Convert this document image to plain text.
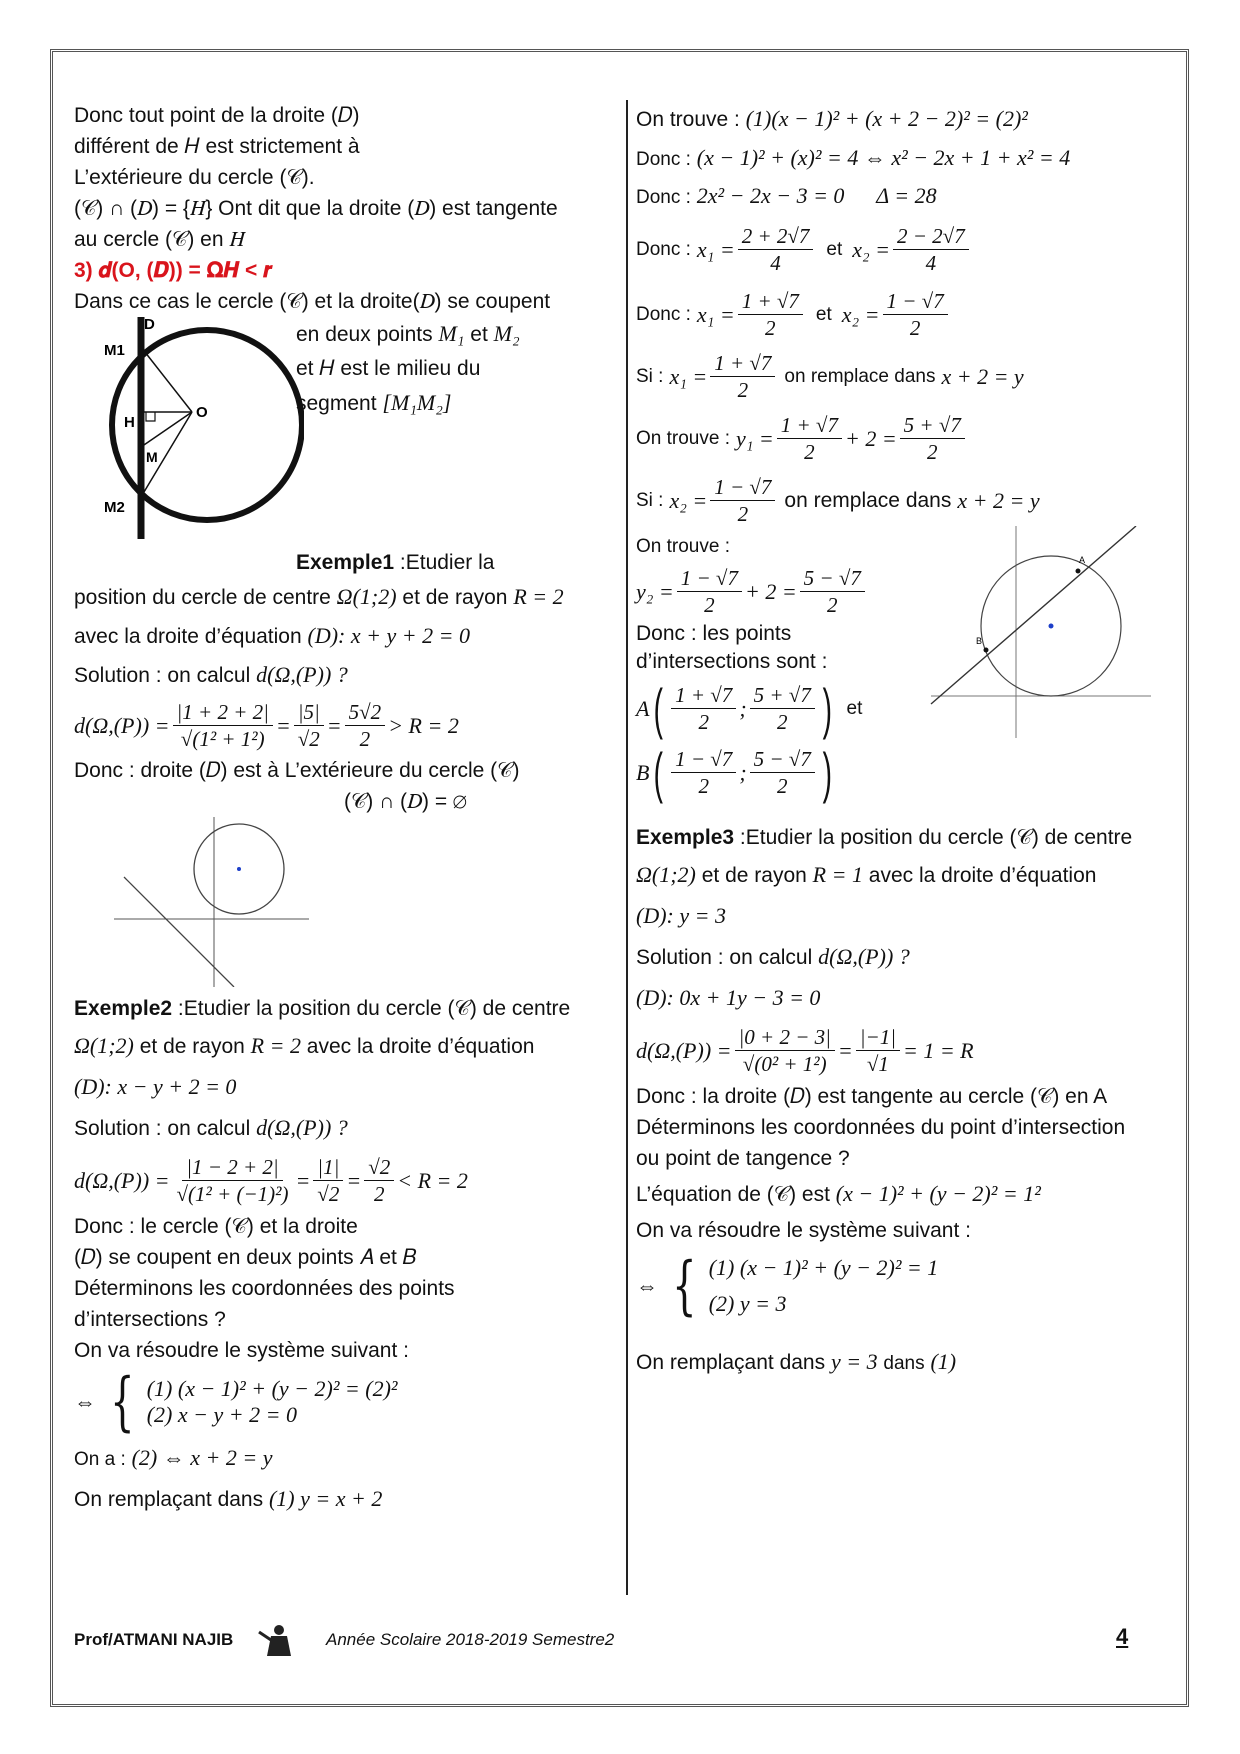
Donc tout point de la droite (𝐷)
différent de 𝐻 est strictement à
L’extérieure du cercle (𝒞).
(𝒞) ∩ (𝐷) = {𝐻} Ont dit que la droite (𝐷) est tangente
au cercle (𝒞) en 𝐻
3) 𝒅(O, (𝑫)) = 𝛀𝑯 < 𝒓
Dans ce cas le cercle (𝒞) et la droite(𝐷) se coupent
D
M1
H
O
M
M2
en deux points M₁ et M₂
et 𝐻 est le milieu du
segment [M₁M₂]
Exemple1 :Etudier la
position du cercle de centre Ω(1;2) et de rayon R = 2
avec la droite d’équation (D): x + y + 2 = 0
Solution : on calcul d(Ω,(P)) ?
$d(\Omega,(P)) = \frac{|1 + 2 + 2|}{\text{√(1² + 1²)}} = \frac{|5|}{√2} = \frac{5√2}{2} > R = 2$
Donc : droite (𝐷) est à L’extérieure du cercle (𝒞)
(𝒞) ∩ (𝐷) = ∅
Exemple2 :Etudier la position du cercle (𝒞) de centre
Ω(1;2) et de rayon R = 2 avec la droite d’équation
(D): x − y + 2 = 0
Solution : on calcul d(Ω,(P)) ?
$d(\Omega,(P)) = \frac{|1 - 2 + 2|}{\text{√(1² + (−1)²)}} = \frac{|1|}{√2} = \frac{√2}{2} < R = 2$
Donc : le cercle (𝒞) et la droite
(𝐷) se coupent en deux points 𝐴 et 𝐵
Déterminons les coordonnées des points
d’intersections ?
On va résoudre le système suivant :
⇔ { (1) (x − 1)² + (y − 2)² = (2)²
(2) x − y + 2 = 0
On a : (2) ⇔ x + 2 = y
On remplaçant dans (1) y = x + 2
On trouve : (1)(x − 1)² + (x + 2 − 2)² = (2)²
Donc : (x − 1)² + (x)² = 4 ⇔ x² − 2x + 1 + x² = 4
Donc : 2x² − 2x − 3 = 0 Δ = 28
Donc : $x_1 = \frac{2 + 2√7}{4}$ et $x_2 = \frac{2 - 2√7}{4}$
Donc : $x_1 = \frac{1 + √7}{2}$ et $x_2 = \frac{1 - √7}{2}$
Si : $x_1 = \frac{1 + √7}{2}$ on remplace dans x + 2 = y
On trouve : $y_1 = \frac{1 + √7}{2} + 2 = \frac{5 + √7}{2}$
Si : $x_2 = \frac{1 - √7}{2}$ on remplace dans x + 2 = y
On trouve :
$y_2 = \frac{1 - √7}{2} + 2 = \frac{5 - √7}{2}$
Donc : les points
d’intersections sont :
A ( $\frac{1 + √7}{2}$ ; $\frac{5 + √7}{2}$ ) et
B ( $\frac{1 - √7}{2}$ ; $\frac{5 - √7}{2}$ )
A
B
Exemple3 :Etudier la position du cercle (𝒞) de centre
Ω(1;2) et de rayon R = 1 avec la droite d’équation
(D): y = 3
Solution : on calcul d(Ω,(P)) ?
(D): 0x + 1y − 3 = 0
$d(\Omega,(P)) = \frac{|0 + 2 - 3|}{\text{√(0² + 1²)}} = \frac{|-1|}{√1} = 1 = R$
Donc : la droite (𝐷) est tangente au cercle (𝒞) en A
Déterminons les coordonnées du point d’intersection
ou point de tangence ?
L’équation de (𝒞) est (x − 1)² + (y − 2)² = 1²
On va résoudre le système suivant :
⇔ { (1) (x − 1)² + (y − 2)² = 1
(2) y = 3
On remplaçant dans y = 3 dans (1)
Prof/ATMANI NAJIB	Année Scolaire 2018-2019 Semestre2	4
